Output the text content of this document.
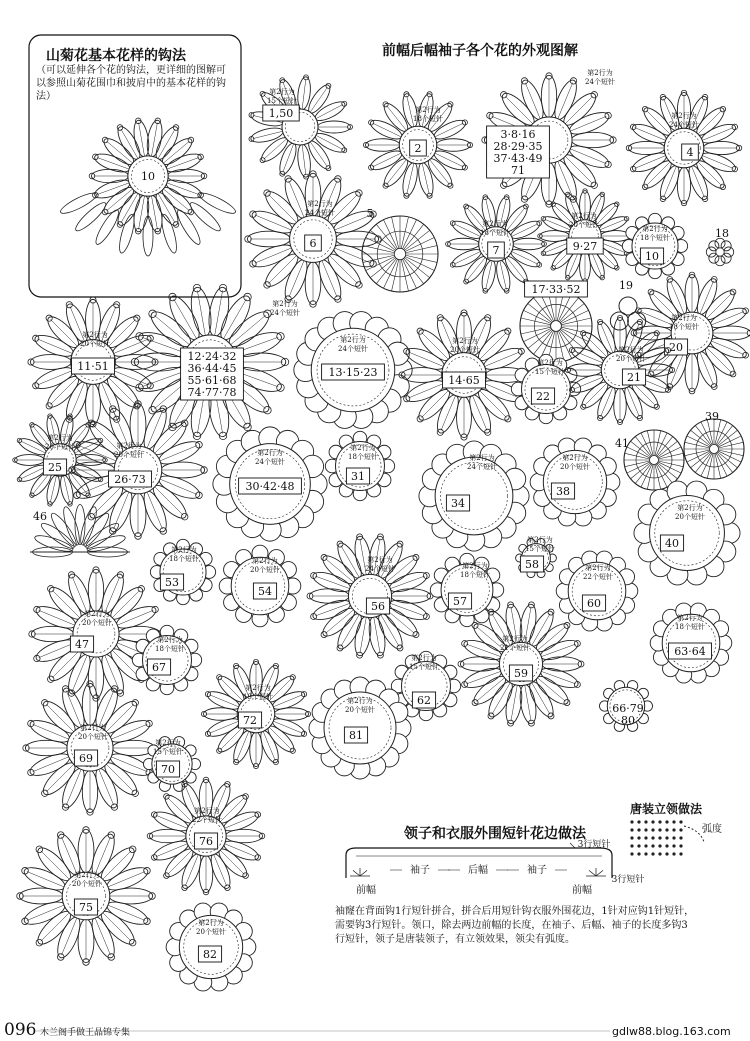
1,50
第2行为
15个短针
2
第2行为
18个短针
3·8·16
28·29·35
37·43·49
71
第2行为
24个短针
4
第2行为
24个短针
5
6
第2行为
24个短针
7
第2行为
18个短针
9·27
第2行为
20个短针
10
第2行为
18个短针	18
17·33·52	19
11·51
第2行为
20个短针
12·24·32
36·44·45
55·61·68
74·77·78
第2行为
24个短针
13·15·23
第2行为
24个短针
14·65
第2行为
20个短针
22
第2行为
15个短针
20
第2行为
18个短针
21
第2行为
20个短针
39
41
25
第2行为
20个短针
26·73
第2行为
20个短针
30·42·48
第2行为
24个短针
31
第2行为
18个短针
34
第2行为
24个短针
38
第2行为
20个短针
40
第2行为
20个短针
46
53
第2行为
18个短针
54
第2行为
20个短针
56
第2行为
24个短针
57
第2行为
18个短针
58
第2行为
15个短针
60
第2行为
22个短针
47
第2行为
20个短针
67
第2行为
18个短针
59
第2行为
21个短针	63·64
第2行为
18个短针
62
第2行为
15个短针
66·79
80
72
第2行为
19个短针
81
第2行为
20个短针
69
第2行为
20个短针
70
第2行为
15个短针
76
第2行为
22个短针
75
第2行为
20个短针
82
第2行为
20个短针
10
弧度
3行短针
3行短针
袖子	后幅	袖子
前幅	前幅
前幅后幅袖子各个花的外观图解
山菊花基本花样的钩法
（可以延伸各个花的钩法，更详细的图解可以参照山菊花围巾和披肩中的基本花样的钩法）
唐装立领做法
领子和衣服外围短针花边做法
袖窿在背面钩1行短针拼合，拼合后用短针钩衣服外围花边，1针对应钩1针短针，需要钩3行短针。领口，除去两边前幅的长度，在袖子、后幅、袖子的长度多钩3行短针，领子是唐装领子，有立领效果，领尖有弧度。
096 木兰阁手做王晶锦专集	gdlw88.blog.163.com
